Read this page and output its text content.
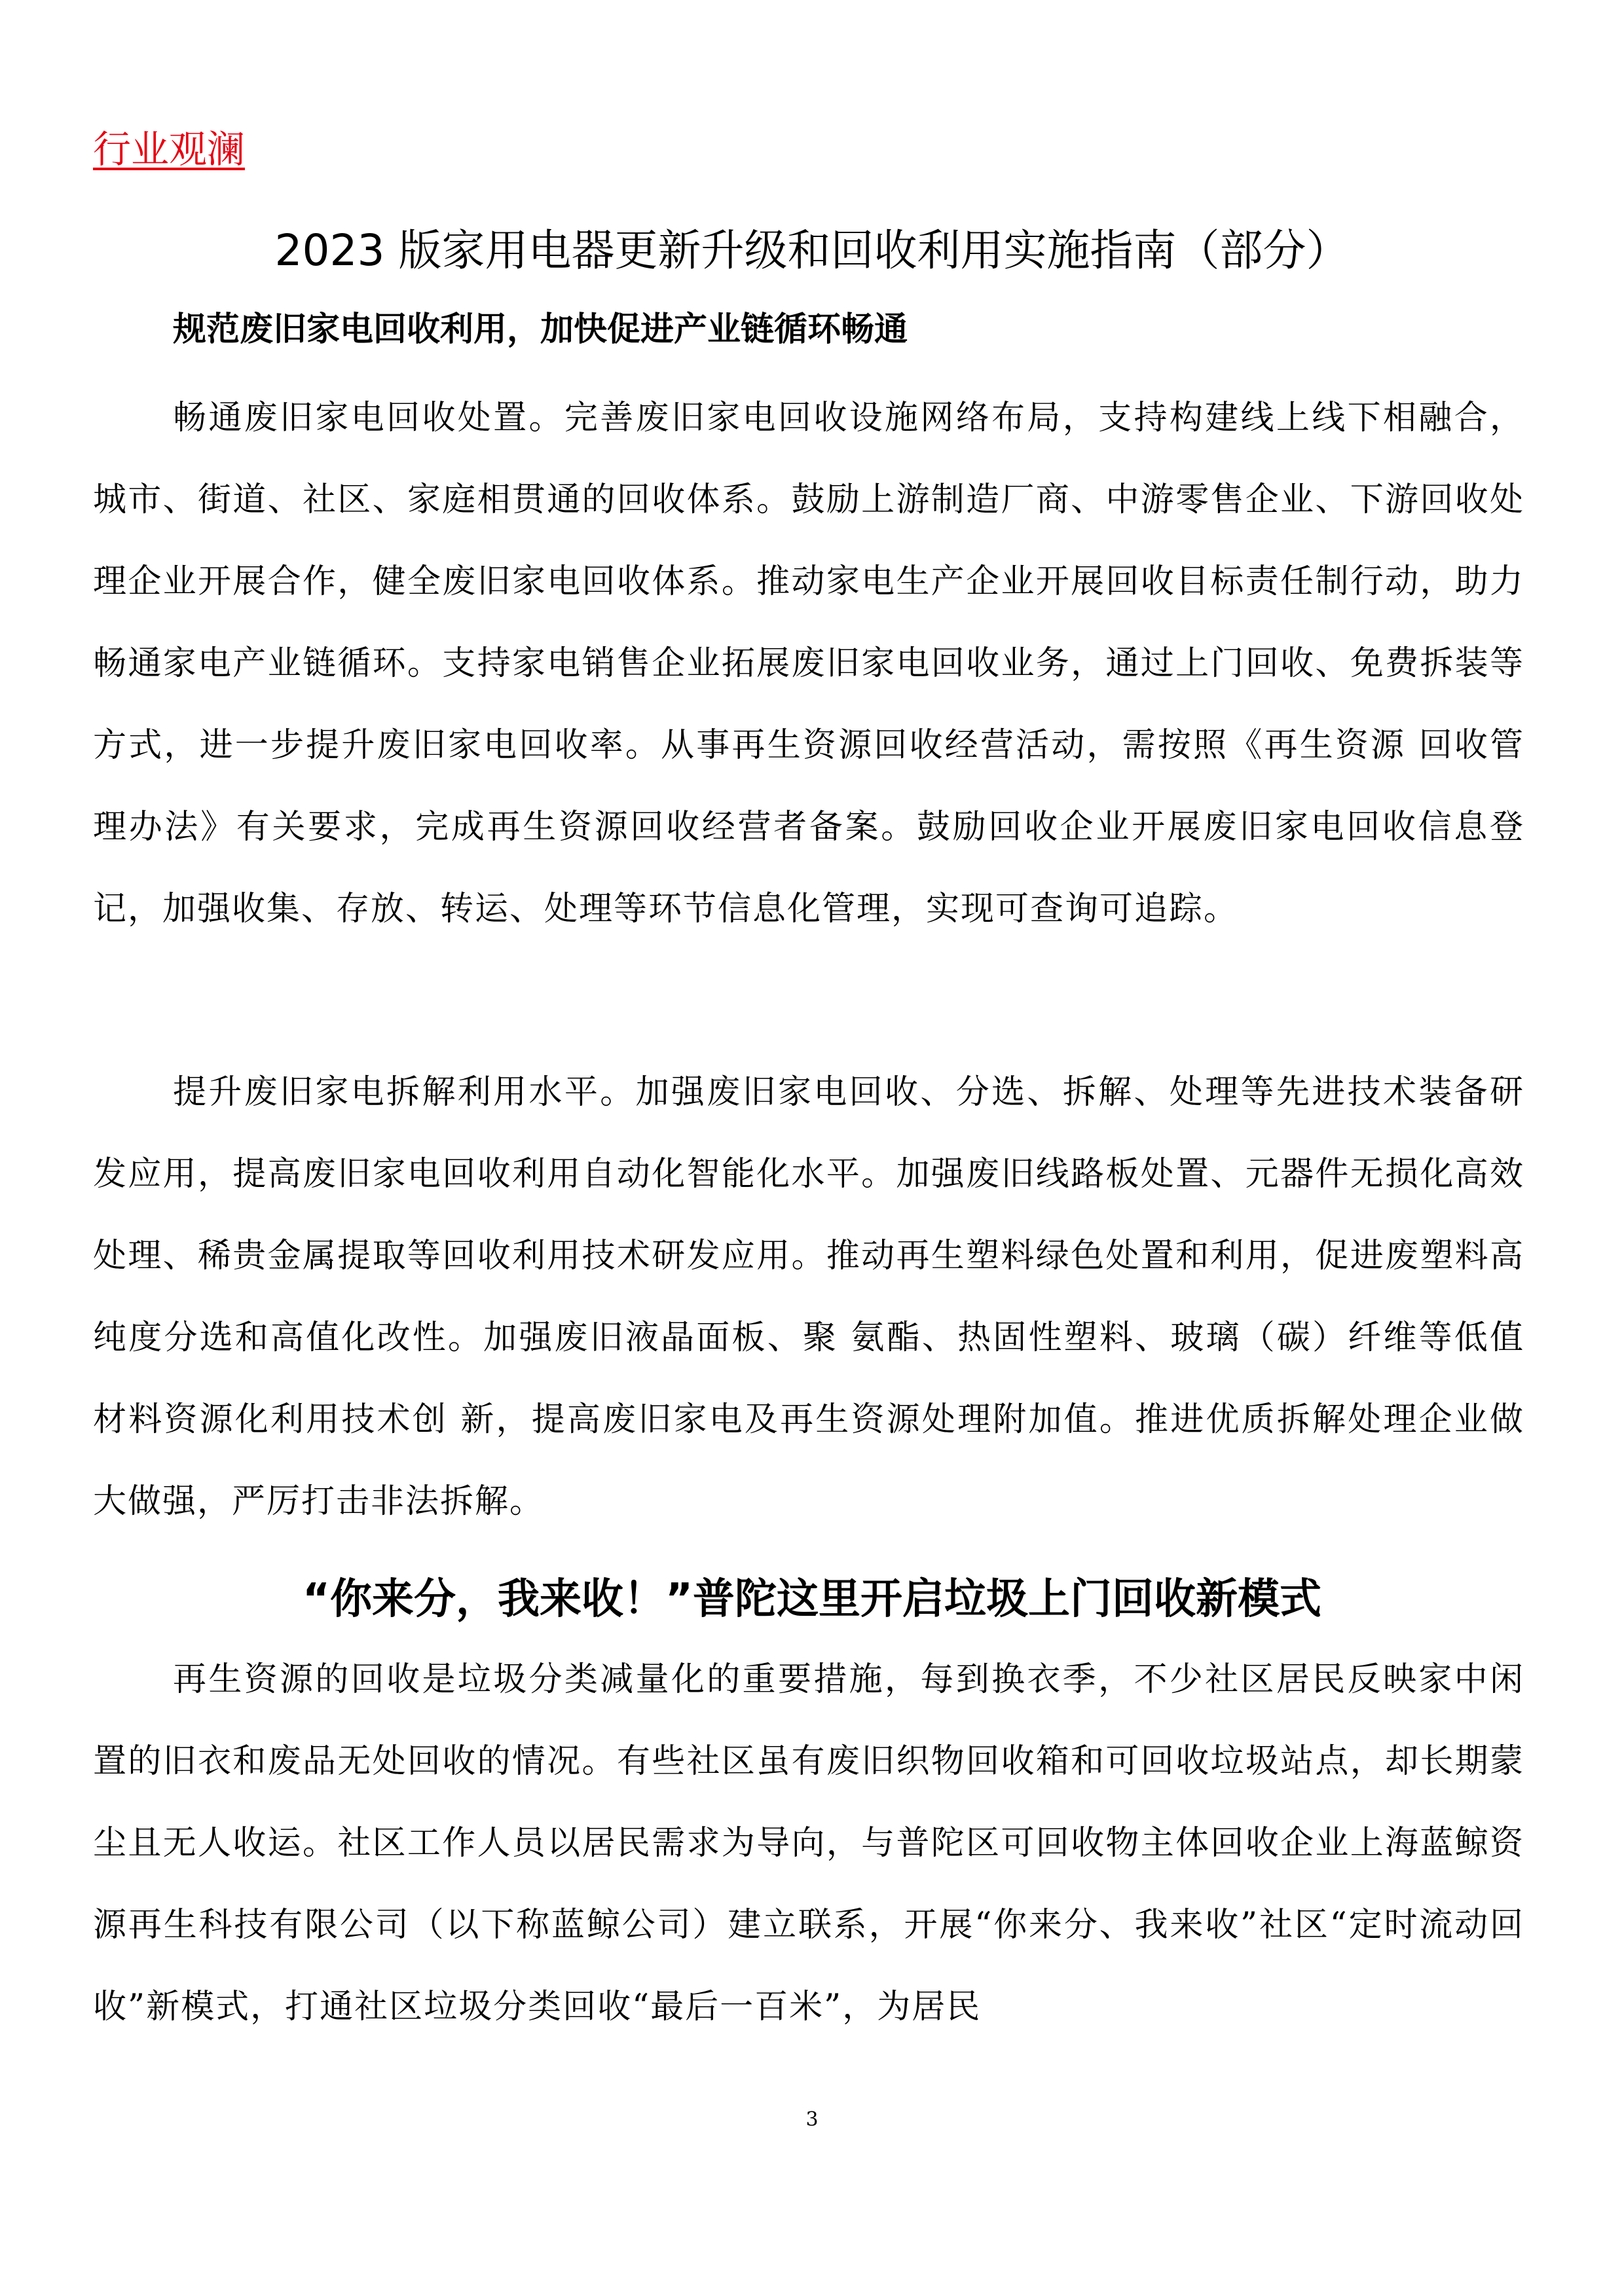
行业观澜

2023 版家用电器更新升级和回收利用实施指南（部分）

规范废旧家电回收利用，加快促进产业链循环畅通

畅通废旧家电回收处置。完善废旧家电回收设施网络布局，支持构建线上线下相融合，城市、街道、社区、家庭相贯通的回收体系。鼓励上游制造厂商、中游零售企业、下游回收处理企业开展合作，健全废旧家电回收体系。推动家电生产企业开展回收目标责任制行动，助力畅通家电产业链循环。支持家电销售企业拓展废旧家电回收业务，通过上门回收、免费拆装等方式，进一步提升废旧家电回收率。从事再生资源回收经营活动，需按照《再生资源 回收管理办法》有关要求，完成再生资源回收经营者备案。鼓励回收企业开展废旧家电回收信息登记，加强收集、存放、转运、处理等环节信息化管理，实现可查询可追踪。

提升废旧家电拆解利用水平。加强废旧家电回收、分选、拆解、处理等先进技术装备研发应用，提高废旧家电回收利用自动化智能化水平。加强废旧线路板处置、元器件无损化高效处理、稀贵金属提取等回收利用技术研发应用。推动再生塑料绿色处置和利用，促进废塑料高纯度分选和高值化改性。加强废旧液晶面板、聚 氨酯、热固性塑料、玻璃（碳）纤维等低值材料资源化利用技术创 新，提高废旧家电及再生资源处理附加值。推进优质拆解处理企业做大做强，严厉打击非法拆解。

“你来分，我来收！”普陀这里开启垃圾上门回收新模式

再生资源的回收是垃圾分类减量化的重要措施，每到换衣季，不少社区居民反映家中闲置的旧衣和废品无处回收的情况。有些社区虽有废旧织物回收箱和可回收垃圾站点，却长期蒙尘且无人收运。社区工作人员以居民需求为导向，与普陀区可回收物主体回收企业上海蓝鲸资源再生科技有限公司（以下称蓝鲸公司）建立联系，开展“你来分、我来收”社区“定时流动回收”新模式，打通社区垃圾分类回收“最后一百米”，为居民

3
